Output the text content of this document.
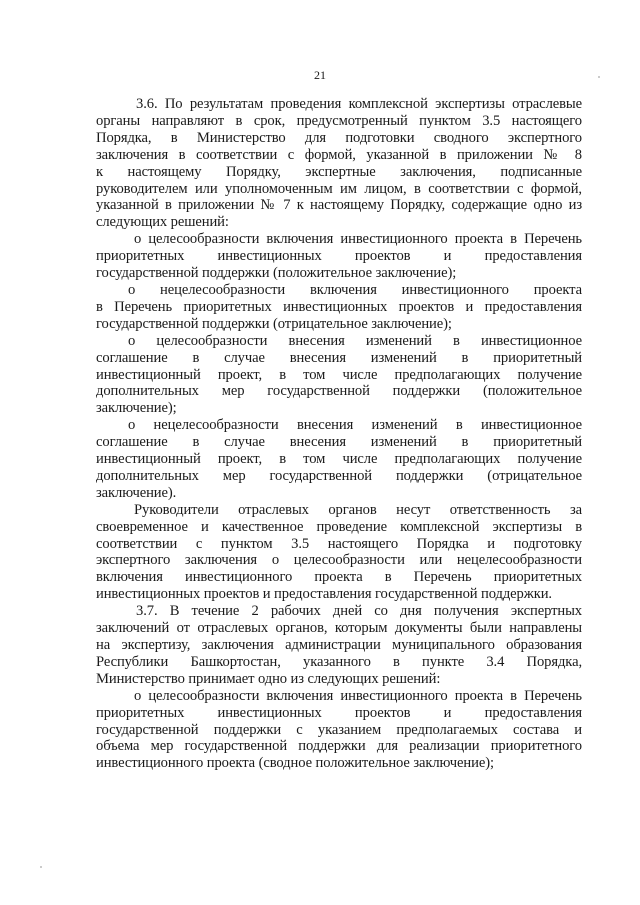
21
3.6. По результатам проведения комплексной экспертизы отраслевые
органы направляют в срок, предусмотренный пунктом 3.5 настоящего
Порядка, в Министерство для подготовки сводного экспертного
заключения в соответствии с формой, указанной в приложении № 8
к настоящему Порядку, экспертные заключения, подписанные
руководителем или уполномоченным им лицом, в соответствии с формой,
указанной в приложении № 7 к настоящему Порядку, содержащие одно из
следующих решений:
о целесообразности включения инвестиционного проекта в Перечень
приоритетных инвестиционных проектов и предоставления
государственной поддержки (положительное заключение);
о нецелесообразности включения инвестиционного проекта
в Перечень приоритетных инвестиционных проектов и предоставления
государственной поддержки (отрицательное заключение);
о целесообразности внесения изменений в инвестиционное
соглашение в случае внесения изменений в приоритетный
инвестиционный проект, в том числе предполагающих получение
дополнительных мер государственной поддержки (положительное
заключение);
о нецелесообразности внесения изменений в инвестиционное
соглашение в случае внесения изменений в приоритетный
инвестиционный проект, в том числе предполагающих получение
дополнительных мер государственной поддержки (отрицательное
заключение).
Руководители отраслевых органов несут ответственность за
своевременное и качественное проведение комплексной экспертизы в
соответствии с пунктом 3.5 настоящего Порядка и подготовку
экспертного заключения о целесообразности или нецелесообразности
включения инвестиционного проекта в Перечень приоритетных
инвестиционных проектов и предоставления государственной поддержки.
3.7. В течение 2 рабочих дней со дня получения экспертных
заключений от отраслевых органов, которым документы были направлены
на экспертизу, заключения администрации муниципального образования
Республики Башкортостан, указанного в пункте 3.4 Порядка,
Министерство принимает одно из следующих решений:
о целесообразности включения инвестиционного проекта в Перечень
приоритетных инвестиционных проектов и предоставления
государственной поддержки с указанием предполагаемых состава и
объема мер государственной поддержки для реализации приоритетного
инвестиционного проекта (сводное положительное заключение);
